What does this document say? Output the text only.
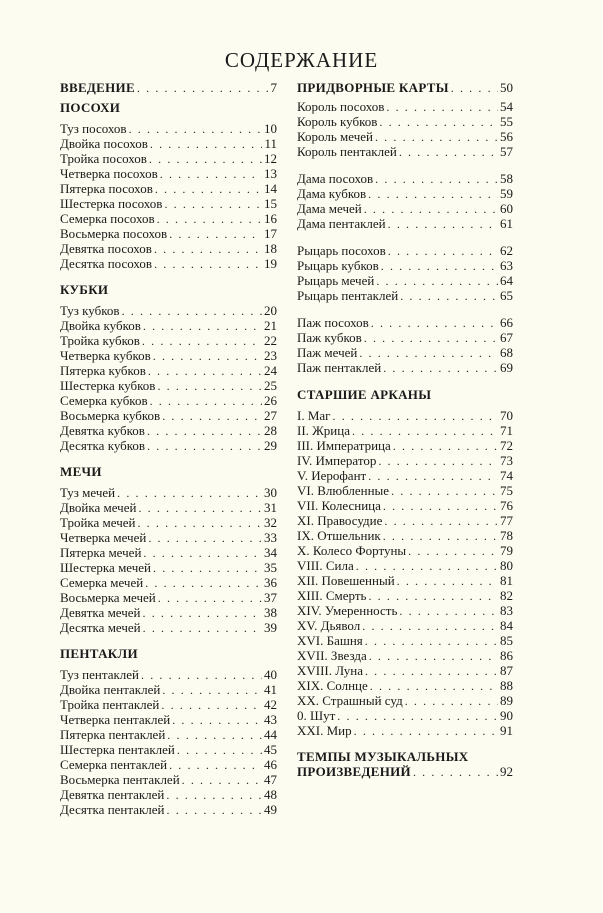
СОДЕРЖАНИЕ
ВВЕДЕНИЕ . . .	7
ПОСОХИ
Туз посохов . . .	10
Двойка посохов . . .	11
Тройка посохов . . .	12
Четверка посохов . . .	13
Пятерка посохов . . .	14
Шестерка посохов . . .	15
Семерка посохов . . .	16
Восьмерка посохов . . .	17
Девятка посохов . . .	18
Десятка посохов . . .	19
КУБКИ
Туз кубков . . .	20
Двойка кубков . . .	21
Тройка кубков . . .	22
Четверка кубков . . .	23
Пятерка кубков . . .	24
Шестерка кубков . . .	25
Семерка кубков . . .	26
Восьмерка кубков . . .	27
Девятка кубков . . .	28
Десятка кубков . . .	29
МЕЧИ
Туз мечей . . .	30
Двойка мечей . . .	31
Тройка мечей . . .	32
Четверка мечей . . .	33
Пятерка мечей . . .	34
Шестерка мечей . . .	35
Семерка мечей . . .	36
Восьмерка мечей . . .	37
Девятка мечей . . .	38
Десятка мечей . . .	39
ПЕНТАКЛИ
Туз пентаклей . . .	40
Двойка пентаклей . . .	41
Тройка пентаклей . . .	42
Четверка пентаклей . . .	43
Пятерка пентаклей . . .	44
Шестерка пентаклей . . .	45
Семерка пентаклей . . .	46
Восьмерка пентаклей . . .	47
Девятка пентаклей . . .	48
Десятка пентаклей . . .	49
ПРИДВОРНЫЕ КАРТЫ . . .	50
Король посохов . . .	54
Король кубков . . .	55
Король мечей . . .	56
Король пентаклей . . .	57
Дама посохов . . .	58
Дама кубков . . .	59
Дама мечей . . .	60
Дама пентаклей . . .	61
Рыцарь посохов . . .	62
Рыцарь кубков . . .	63
Рыцарь мечей . . .	64
Рыцарь пентаклей . . .	65
Паж посохов . . .	66
Паж кубков . . .	67
Паж мечей . . .	68
Паж пентаклей . . .	69
СТАРШИЕ АРКАНЫ
I. Маг . . .	70
II. Жрица . . .	71
III. Императрица . . .	72
IV. Император . . .	73
V. Иерофант . . .	74
VI. Влюбленные . . .	75
VII. Колесница . . .	76
XI. Правосудие . . .	77
IX. Отшельник . . .	78
X. Колесо Фортуны . . .	79
VIII. Сила . . .	80
XII. Повешенный . . .	81
XIII. Смерть . . .	82
XIV. Умеренность . . .	83
XV. Дьявол . . .	84
XVI. Башня . . .	85
XVII. Звезда . . .	86
XVIII. Луна . . .	87
XIX. Солнце . . .	88
XX. Страшный суд . . .	89
0. Шут . . .	90
XXI. Мир . . .	91
ТЕМПЫ МУЗЫКАЛЬНЫХ
ПРОИЗВЕДЕНИЙ . . .	92
